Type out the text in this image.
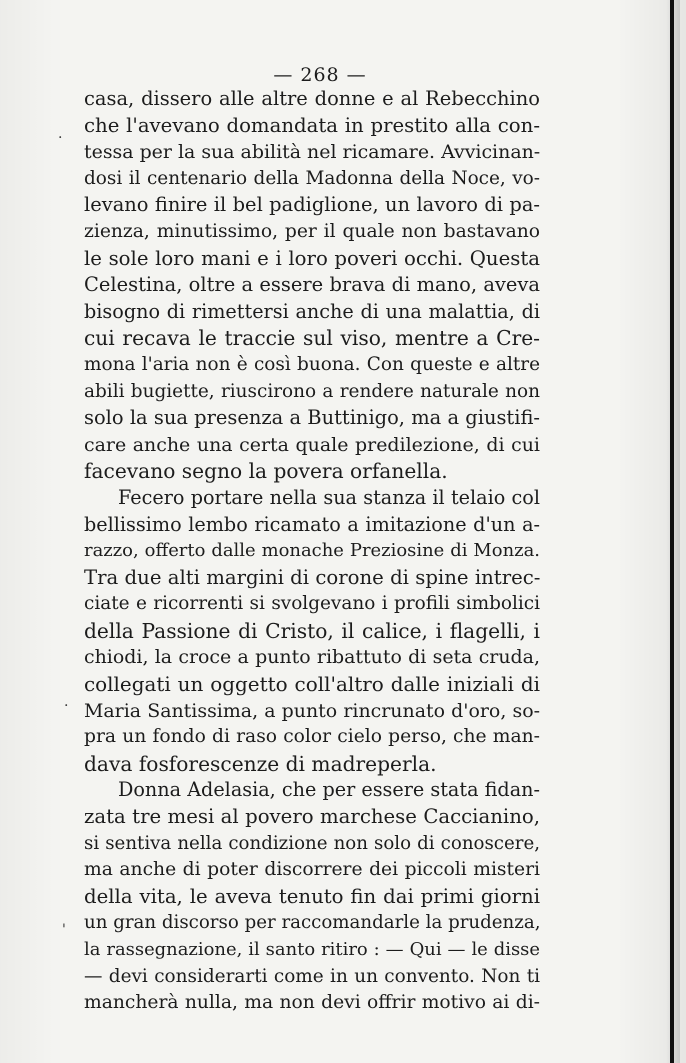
— 268 —
casa, dissero alle altre donne e al Rebecchino
che l'avevano domandata in prestito alla con-
tessa per la sua abilità nel ricamare. Avvicinan-
dosi il centenario della Madonna della Noce, vo-
levano finire il bel padiglione, un lavoro di pa-
zienza, minutissimo, per il quale non bastavano
le sole loro mani e i loro poveri occhi. Questa
Celestina, oltre a essere brava di mano, aveva
bisogno di rimettersi anche di una malattia, di
cui recava le traccie sul viso, mentre a Cre-
mona l'aria non è così buona. Con queste e altre
abili bugiette, riuscirono a rendere naturale non
solo la sua presenza a Buttinigo, ma a giustifi-
care anche una certa quale predilezione, di cui
facevano segno la povera orfanella.
Fecero portare nella sua stanza il telaio col
bellissimo lembo ricamato a imitazione d'un a-
razzo, offerto dalle monache Preziosine di Monza.
Tra due alti margini di corone di spine intrec-
ciate e ricorrenti si svolgevano i profili simbolici
della Passione di Cristo, il calice, i flagelli, i
chiodi, la croce a punto ribattuto di seta cruda,
collegati un oggetto coll'altro dalle iniziali di
Maria Santissima, a punto rincrunato d'oro, so-
pra un fondo di raso color cielo perso, che man-
dava fosforescenze di madreperla.
Donna Adelasia, che per essere stata fidan-
zata tre mesi al povero marchese Caccianino,
si sentiva nella condizione non solo di conoscere,
ma anche di poter discorrere dei piccoli misteri
della vita, le aveva tenuto fin dai primi giorni
un gran discorso per raccomandarle la prudenza,
la rassegnazione, il santo ritiro : — Qui — le disse
— devi considerarti come in un convento. Non ti
mancherà nulla, ma non devi offrir motivo ai di-
.
.
'
